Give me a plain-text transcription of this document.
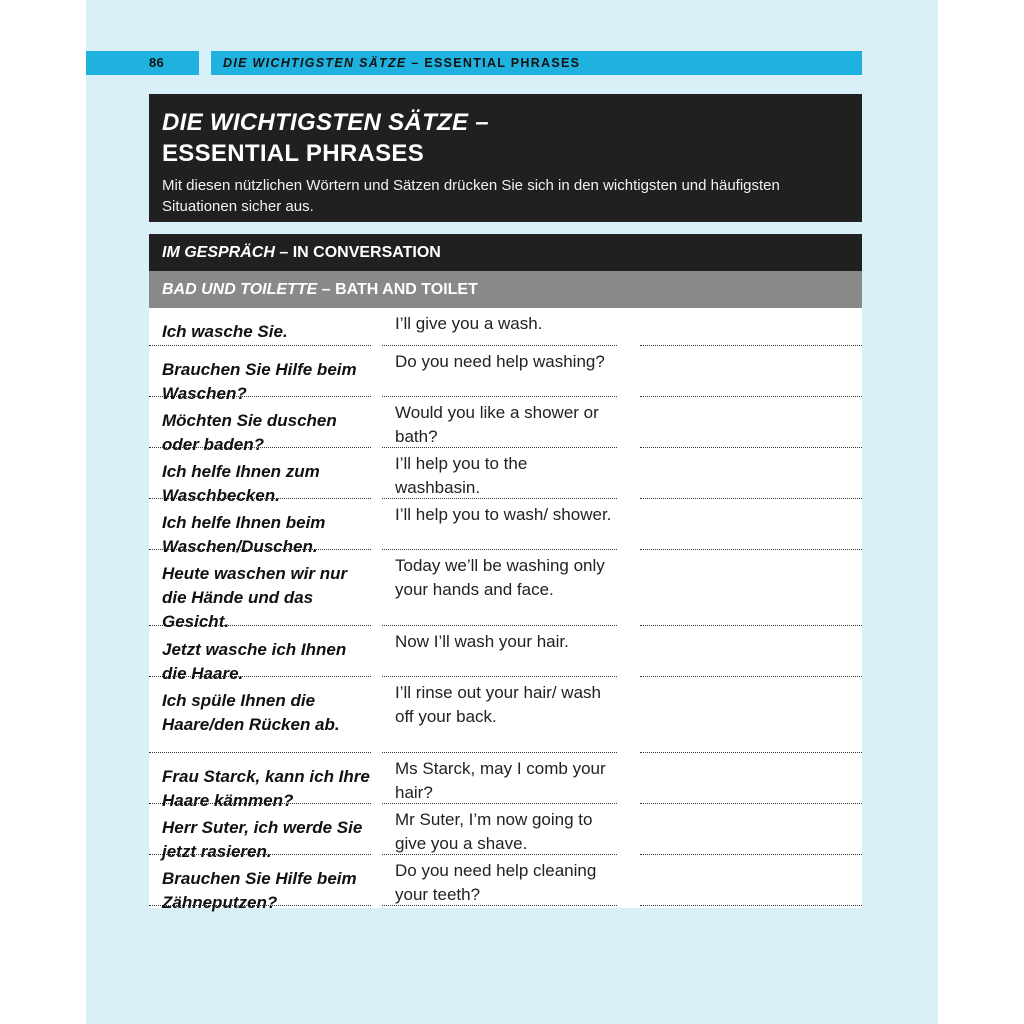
86	DIE WICHTIGSTEN SÄTZE – ESSENTIAL PHRASES
DIE WICHTIGSTEN SÄTZE –
ESSENTIAL PHRASES
Mit diesen nützlichen Wörtern und Sätzen drücken Sie sich in den wichtigsten und häufigsten Situationen sicher aus.
IM GESPRÄCH – IN CONVERSATION
BAD UND TOILETTE – BATH AND TOILET
Ich wasche Sie.	I’ll give you a wash.
Brauchen Sie Hilfe beim Waschen?
Do you need help washing?
Möchten Sie duschen oder baden?
Would you like a shower or bath?
Ich helfe Ihnen zum Waschbecken.
I’ll help you to the washbasin.
Ich helfe Ihnen beim Waschen/Duschen.
I’ll help you to wash/ shower.
Heute waschen wir nur die Hände und das Gesicht.
Today we’ll be washing only your hands and face.
Jetzt wasche ich Ihnen die Haare.
Now I’ll wash your hair.
Ich spüle Ihnen die Haare/den Rücken ab.
I’ll rinse out your hair/ wash off your back.
Frau Starck, kann ich Ihre Haare kämmen?
Ms Starck, may I comb your hair?
Herr Suter, ich werde Sie jetzt rasieren.
Mr Suter, I’m now going to give you a shave.
Brauchen Sie Hilfe beim Zähneputzen?
Do you need help cleaning your teeth?
